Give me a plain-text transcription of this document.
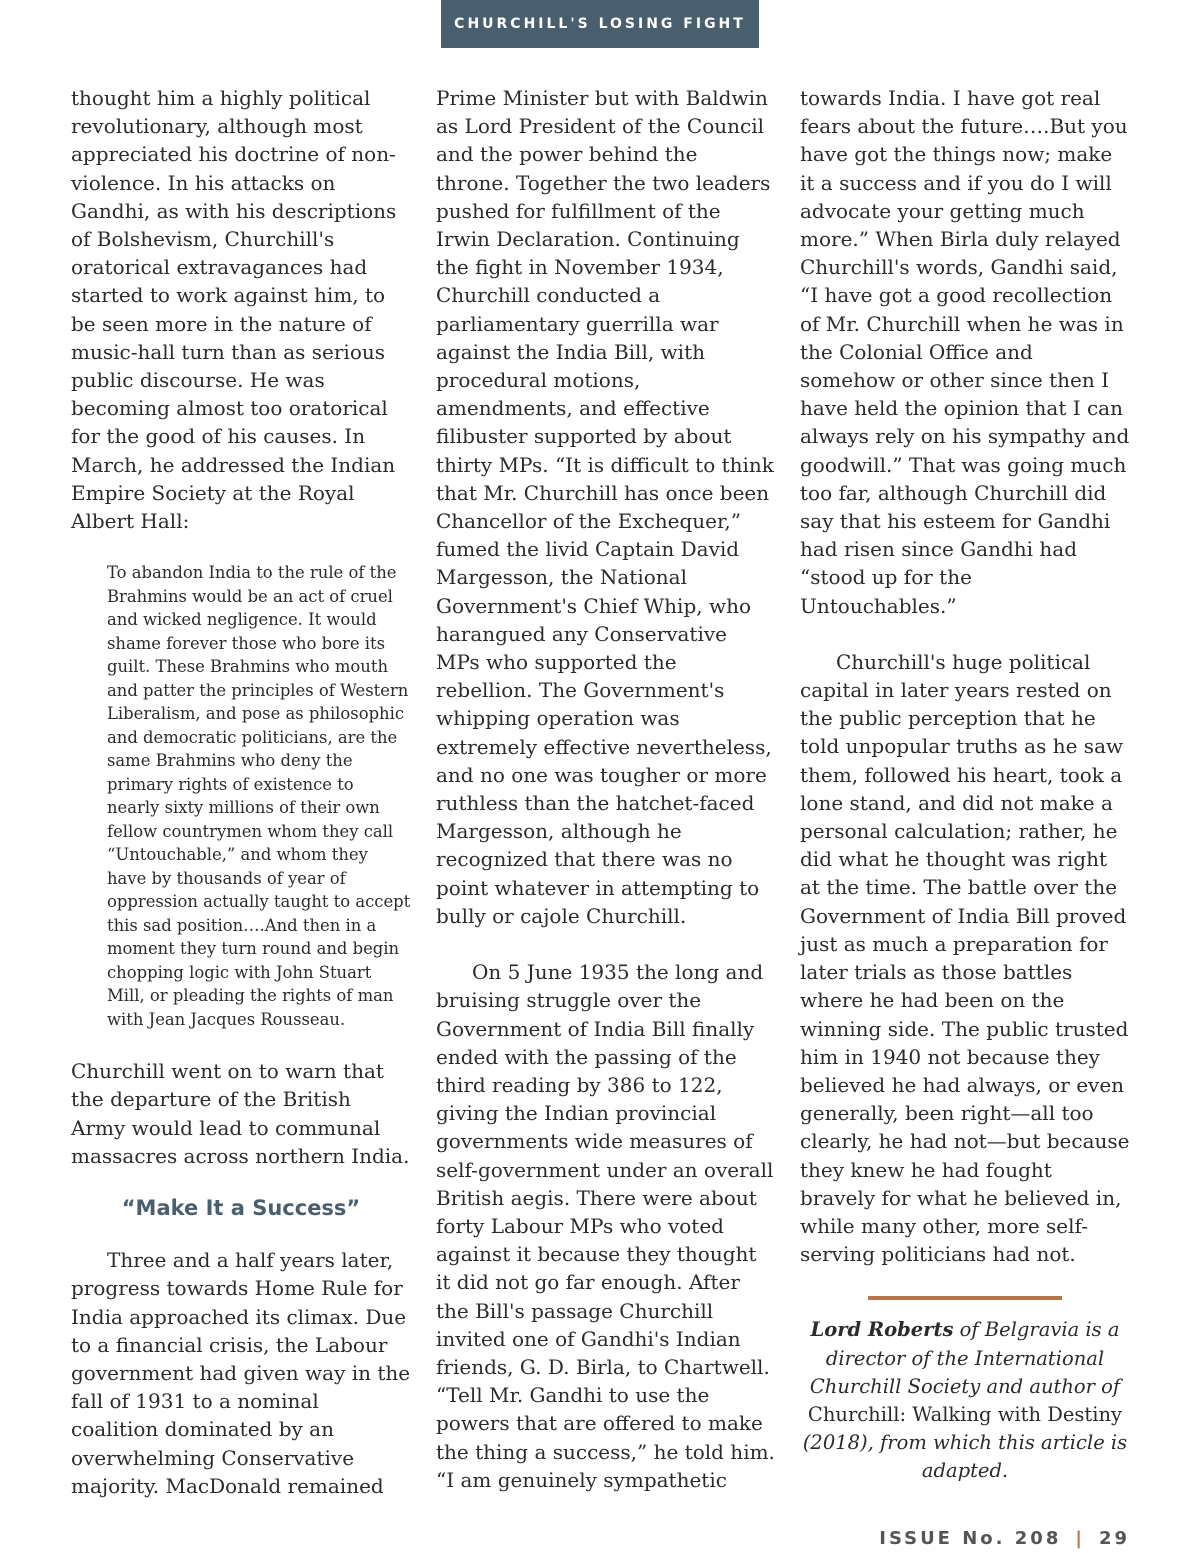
CHURCHILL'S LOSING FIGHT

thought him a highly political revolutionary, although most appreciated his doctrine of non-violence. In his attacks on Gandhi, as with his descriptions of Bolshevism, Churchill's oratorical extravagances had started to work against him, to be seen more in the nature of music-hall turn than as serious public discourse. He was becoming almost too oratorical for the good of his causes. In March, he addressed the Indian Empire Society at the Royal Albert Hall:

To abandon India to the rule of the Brahmins would be an act of cruel and wicked negligence. It would shame forever those who bore its guilt. These Brahmins who mouth and patter the principles of Western Liberalism, and pose as philosophic and democratic politicians, are the same Brahmins who deny the primary rights of existence to nearly sixty millions of their own fellow countrymen whom they call “Untouchable,” and whom they have by thousands of year of oppression actually taught to accept this sad position….And then in a moment they turn round and begin chopping logic with John Stuart Mill, or pleading the rights of man with Jean Jacques Rousseau.

Churchill went on to warn that the departure of the British Army would lead to communal massacres across northern India.

“Make It a Success”

Three and a half years later, progress towards Home Rule for India approached its climax. Due to a financial crisis, the Labour government had given way in the fall of 1931 to a nominal coalition dominated by an overwhelming Conservative majority. MacDonald remained

Prime Minister but with Baldwin as Lord President of the Council and the power behind the throne. Together the two leaders pushed for fulfillment of the Irwin Declaration. Continuing the fight in November 1934, Churchill conducted a parliamentary guerrilla war against the India Bill, with procedural motions, amendments, and effective filibuster supported by about thirty MPs. “It is difficult to think that Mr. Churchill has once been Chancellor of the Exchequer,” fumed the livid Captain David Margesson, the National Government's Chief Whip, who harangued any Conservative MPs who supported the rebellion. The Government's whipping operation was extremely effective nevertheless, and no one was tougher or more ruthless than the hatchet-faced Margesson, although he recognized that there was no point whatever in attempting to bully or cajole Churchill.

On 5 June 1935 the long and bruising struggle over the Government of India Bill finally ended with the passing of the third reading by 386 to 122, giving the Indian provincial governments wide measures of self-government under an overall British aegis. There were about forty Labour MPs who voted against it because they thought it did not go far enough. After the Bill's passage Churchill invited one of Gandhi's Indian friends, G. D. Birla, to Chartwell. “Tell Mr. Gandhi to use the powers that are offered to make the thing a success,” he told him. “I am genuinely sympathetic

towards India. I have got real fears about the future….But you have got the things now; make it a success and if you do I will advocate your getting much more.” When Birla duly relayed Churchill's words, Gandhi said, “I have got a good recollection of Mr. Churchill when he was in the Colonial Office and somehow or other since then I have held the opinion that I can always rely on his sympathy and goodwill.” That was going much too far, although Churchill did say that his esteem for Gandhi had risen since Gandhi had “stood up for the Untouchables.”

Churchill's huge political capital in later years rested on the public perception that he told unpopular truths as he saw them, followed his heart, took a lone stand, and did not make a personal calculation; rather, he did what he thought was right at the time. The battle over the Government of India Bill proved just as much a preparation for later trials as those battles where he had been on the winning side. The public trusted him in 1940 not because they believed he had always, or even generally, been right—all too clearly, he had not—but because they knew he had fought bravely for what he believed in, while many other, more self-serving politicians had not.

Lord Roberts of Belgravia is a director of the International Churchill Society and author of Churchill: Walking with Destiny (2018), from which this article is adapted.

ISSUE No. 208 | 29
